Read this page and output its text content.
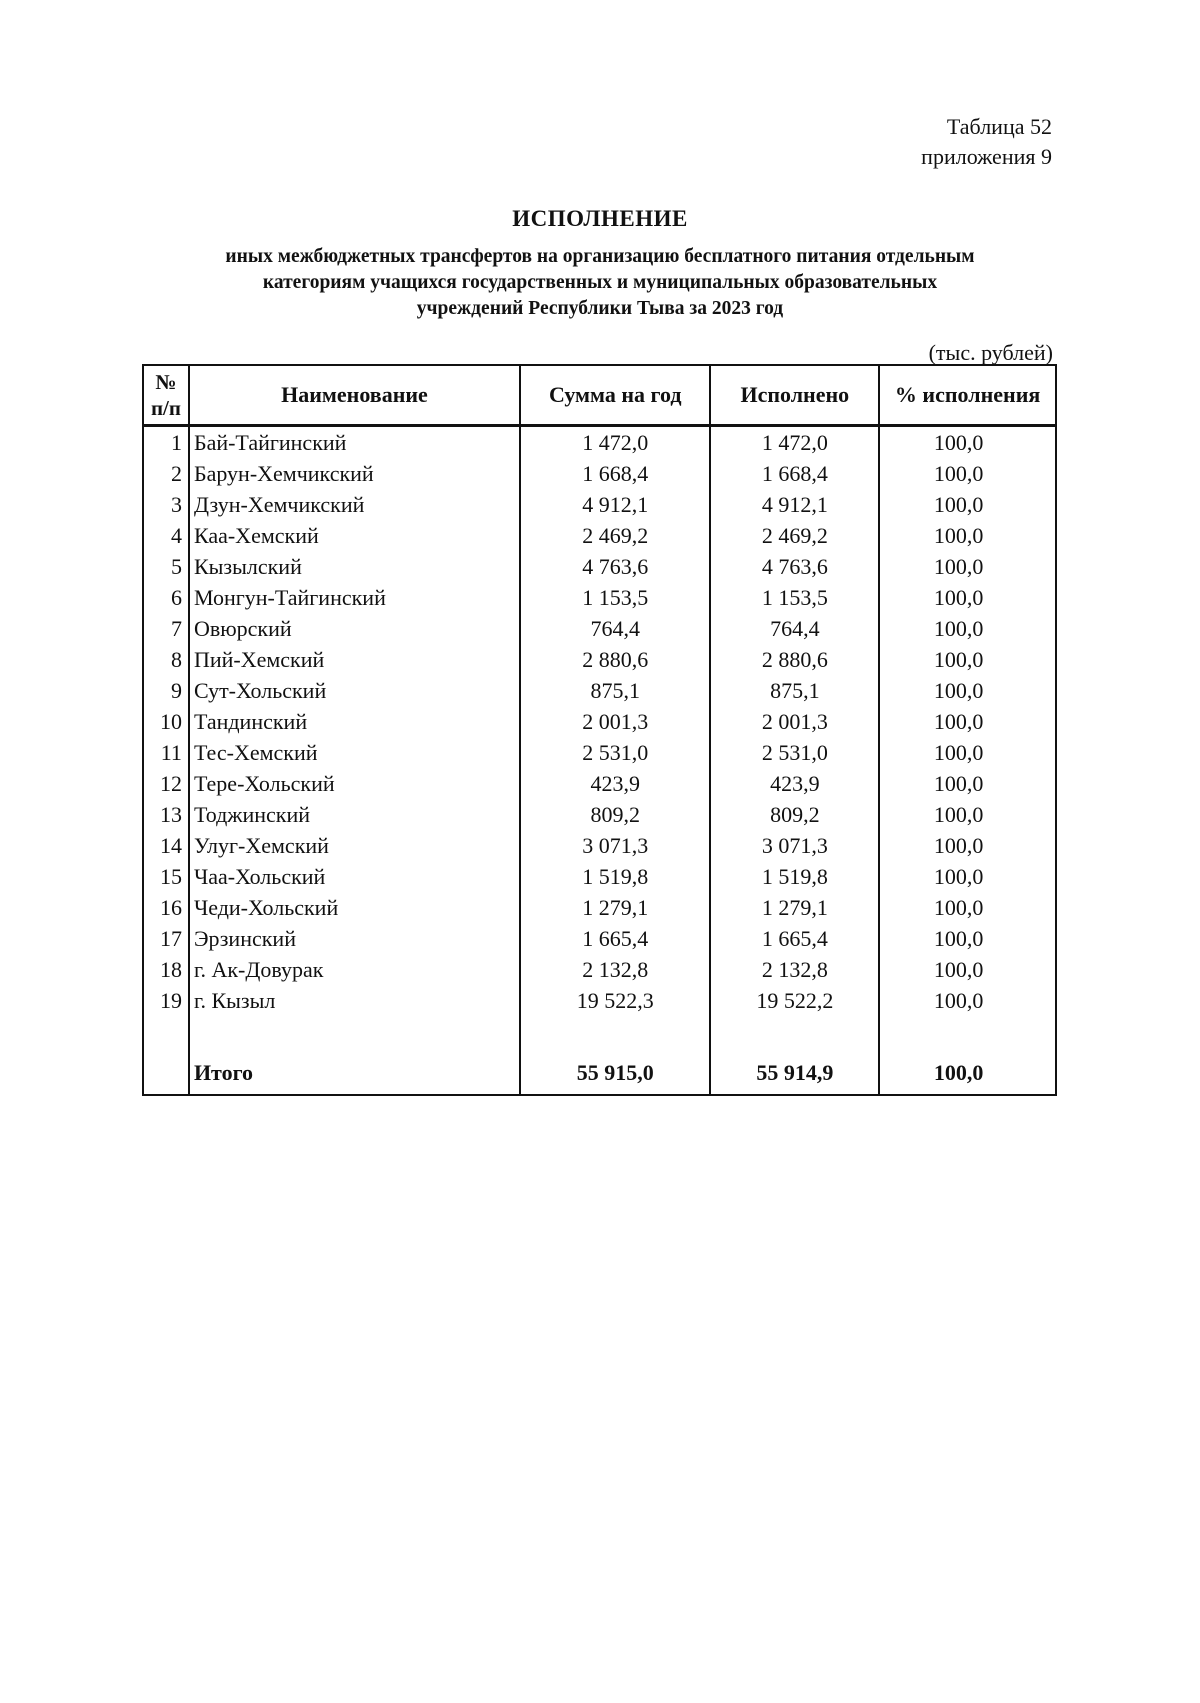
Таблица 52
приложения 9
ИСПОЛНЕНИЕ
иных межбюджетных трансфертов на организацию бесплатного питания отдельным
категориям учащихся государственных и муниципальных образовательных
учреждений Республики Тыва за 2023 год
(тыс. рублей)
№
п/п	Наименование	Сумма на год	Исполнено	% исполнения
1	Бай-Тайгинский	1 472,0	1 472,0	100,0
2	Барун-Хемчикский	1 668,4	1 668,4	100,0
3	Дзун-Хемчикский	4 912,1	4 912,1	100,0
4	Каа-Хемский	2 469,2	2 469,2	100,0
5	Кызылский	4 763,6	4 763,6	100,0
6	Монгун-Тайгинский	1 153,5	1 153,5	100,0
7	Овюрский	764,4	764,4	100,0
8	Пий-Хемский	2 880,6	2 880,6	100,0
9	Сут-Хольский	875,1	875,1	100,0
10	Тандинский	2 001,3	2 001,3	100,0
11	Тес-Хемский	2 531,0	2 531,0	100,0
12	Тере-Хольский	423,9	423,9	100,0
13	Тоджинский	809,2	809,2	100,0
14	Улуг-Хемский	3 071,3	3 071,3	100,0
15	Чаа-Хольский	1 519,8	1 519,8	100,0
16	Чеди-Хольский	1 279,1	1 279,1	100,0
17	Эрзинский	1 665,4	1 665,4	100,0
18	г. Ак-Довурак	2 132,8	2 132,8	100,0
19	г. Кызыл	19 522,3	19 522,2	100,0

	Итого	55 915,0	55 914,9	100,0
